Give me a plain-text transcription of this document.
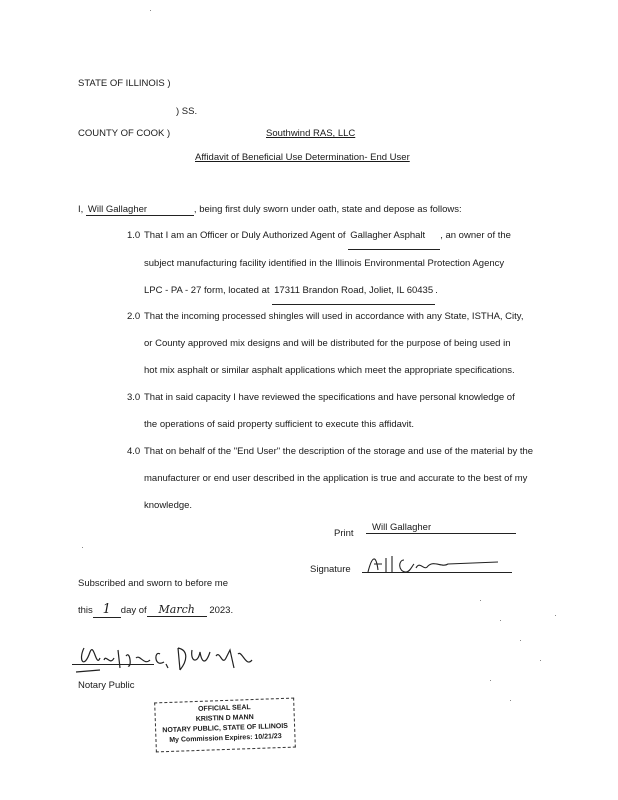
STATE OF ILLINOIS )
) SS.
COUNTY OF COOK )	Southwind RAS, LLC
Affidavit of Beneficial Use Determination- End User
I, Will Gallagher	, being first duly sworn under oath, state and depose as follows:
1.0 That I am an Officer or Duly Authorized Agent of Gallagher Asphalt , an owner of the
subject manufacturing facility identified in the Illinois Environmental Protection Agency
LPC - PA - 27 form, located at 17311 Brandon Road, Joliet, IL 60435 .
2.0 That the incoming processed shingles will used in accordance with any State, ISTHA, City,
or County approved mix designs and will be distributed for the purpose of being used in
hot mix asphalt or similar asphalt applications which meet the appropriate specifications.
3.0 That in said capacity I have reviewed the specifications and have personal knowledge of
the operations of said property sufficient to execute this affidavit.
4.0 That on behalf of the "End User" the description of the storage and use of the material by the
manufacturer or end user described in the application is true and accurate to the best of my
knowledge.
Print
Will Gallagher
Signature
Subscribed and sworn to before me
this 1 day of March 2023.
Notary Public
OFFICIAL SEAL
KRISTIN D MANN
NOTARY PUBLIC, STATE OF ILLINOIS
My Commission Expires: 10/21/23
